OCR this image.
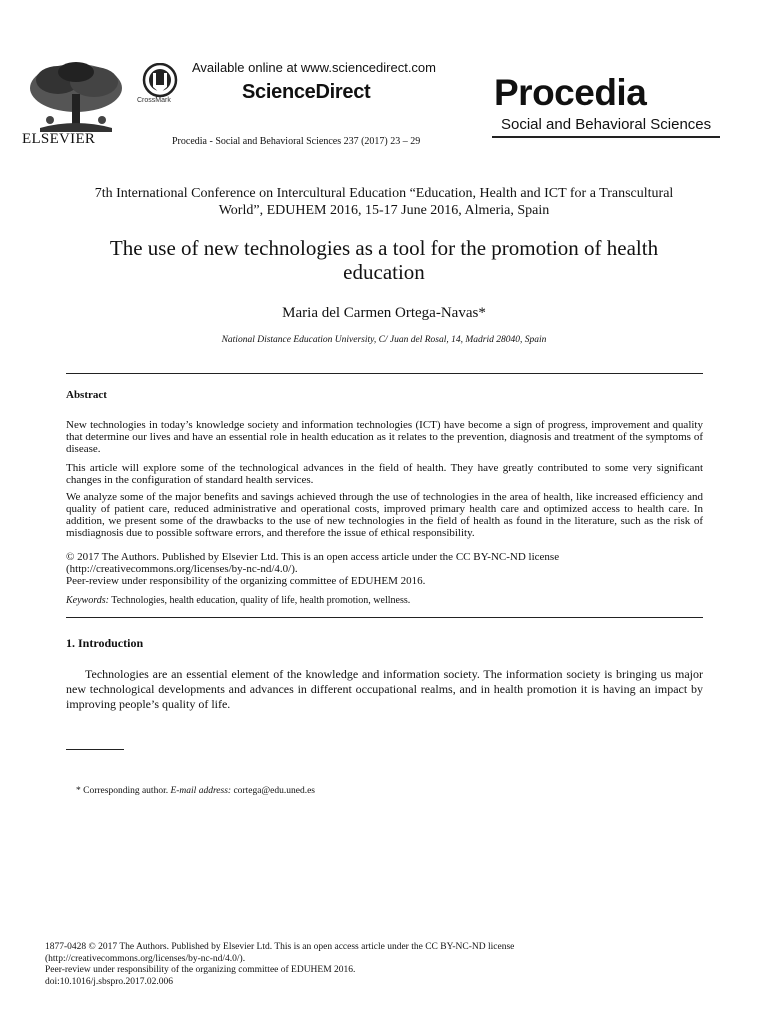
ELSEVIER
CrossMark
Available online at www.sciencedirect.com
ScienceDirect
Procedia - Social and Behavioral Sciences 237 (2017) 23 – 29
Procedia
Social and Behavioral Sciences
7th International Conference on Intercultural Education “Education, Health and ICT for a Transcultural World”, EDUHEM 2016, 15-17 June 2016, Almeria, Spain
The use of new technologies as a tool for the promotion of health education
Maria del Carmen Ortega-Navas*
National Distance Education University, C/ Juan del Rosal, 14, Madrid 28040, Spain
Abstract
New technologies in today’s knowledge society and information technologies (ICT) have become a sign of progress, improvement and quality that determine our lives and have an essential role in health education as it relates to the prevention, diagnosis and treatment of the symptoms of disease.
This article will explore some of the technological advances in the field of health. They have greatly contributed to some very significant changes in the configuration of standard health services.
We analyze some of the major benefits and savings achieved through the use of technologies in the area of health, like increased efficiency and quality of patient care, reduced administrative and operational costs, improved primary health care and optimized access to health care. In addition, we present some of the drawbacks to the use of new technologies in the field of health as found in the literature, such as the risk of misdiagnosis due to possible software errors, and therefore the issue of ethical responsibility.
© 2017 The Authors. Published by Elsevier Ltd. This is an open access article under the CC BY-NC-ND license
(http://creativecommons.org/licenses/by-nc-nd/4.0/).
Peer-review under responsibility of the organizing committee of EDUHEM 2016.
Keywords: Technologies, health education, quality of life, health promotion, wellness.
1. Introduction
Technologies are an essential element of the knowledge and information society. The information society is bringing us major new technological developments and advances in different occupational realms, and in health promotion it is having an impact by improving people’s quality of life.
* Corresponding author. E-mail address: cortega@edu.uned.es
1877-0428 © 2017 The Authors. Published by Elsevier Ltd. This is an open access article under the CC BY-NC-ND license
(http://creativecommons.org/licenses/by-nc-nd/4.0/).
Peer-review under responsibility of the organizing committee of EDUHEM 2016.
doi:10.1016/j.sbspro.2017.02.006
